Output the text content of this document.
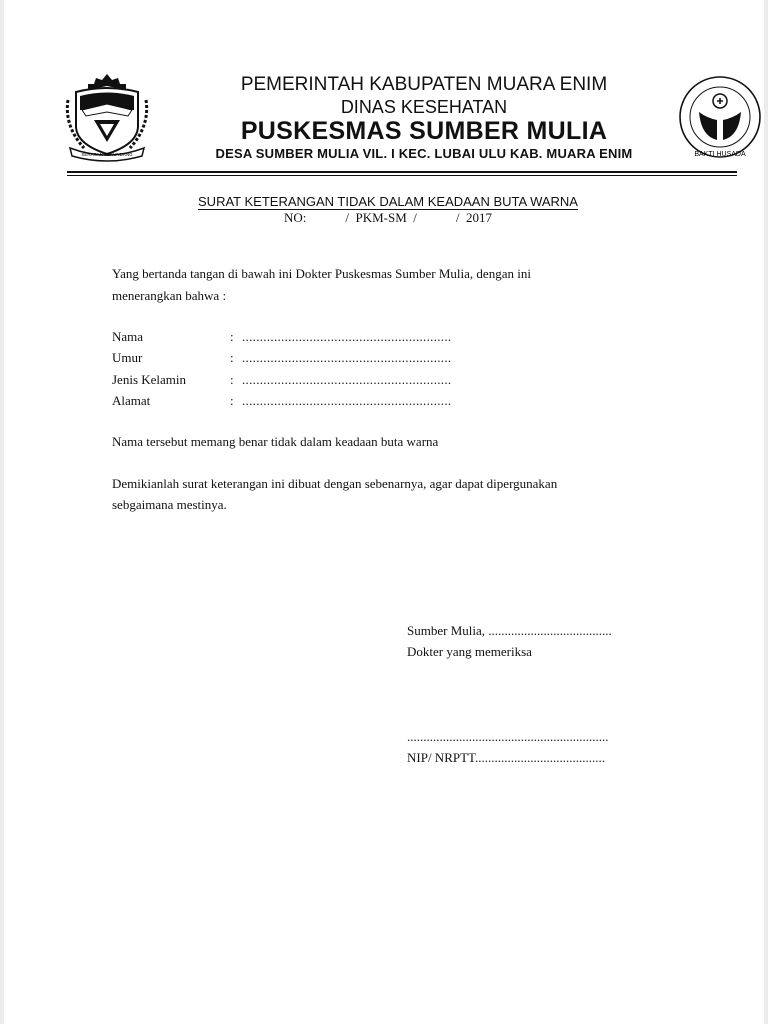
SERASAN SEKUNDANG	BAKTI HUSADA
PEMERINTAH KABUPATEN MUARA ENIM
DINAS KESEHATAN
PUSKESMAS SUMBER MULIA
DESA SUMBER MULIA VIL. I KEC. LUBAI ULU KAB. MUARA ENIM
SURAT KETERANGAN TIDAK DALAM KEADAAN BUTA WARNA
NO:            /  PKM-SM  /            /  2017
Yang bertanda tangan di bawah ini Dokter Puskesmas Sumber Mulia, dengan ini
menerangkan bahwa :
Nama	: ...........................................................
Umur	: ...........................................................
Jenis Kelamin	: ...........................................................
Alamat	: ...........................................................
Nama tersebut memang benar tidak dalam keadaan buta warna
Demikianlah surat keterangan ini dibuat dengan sebenarnya, agar dapat dipergunakan
sebgaimana mestinya.
Sumber Mulia, ......................................
Dokter yang memeriksa
..............................................................
NIP/ NRPTT........................................
